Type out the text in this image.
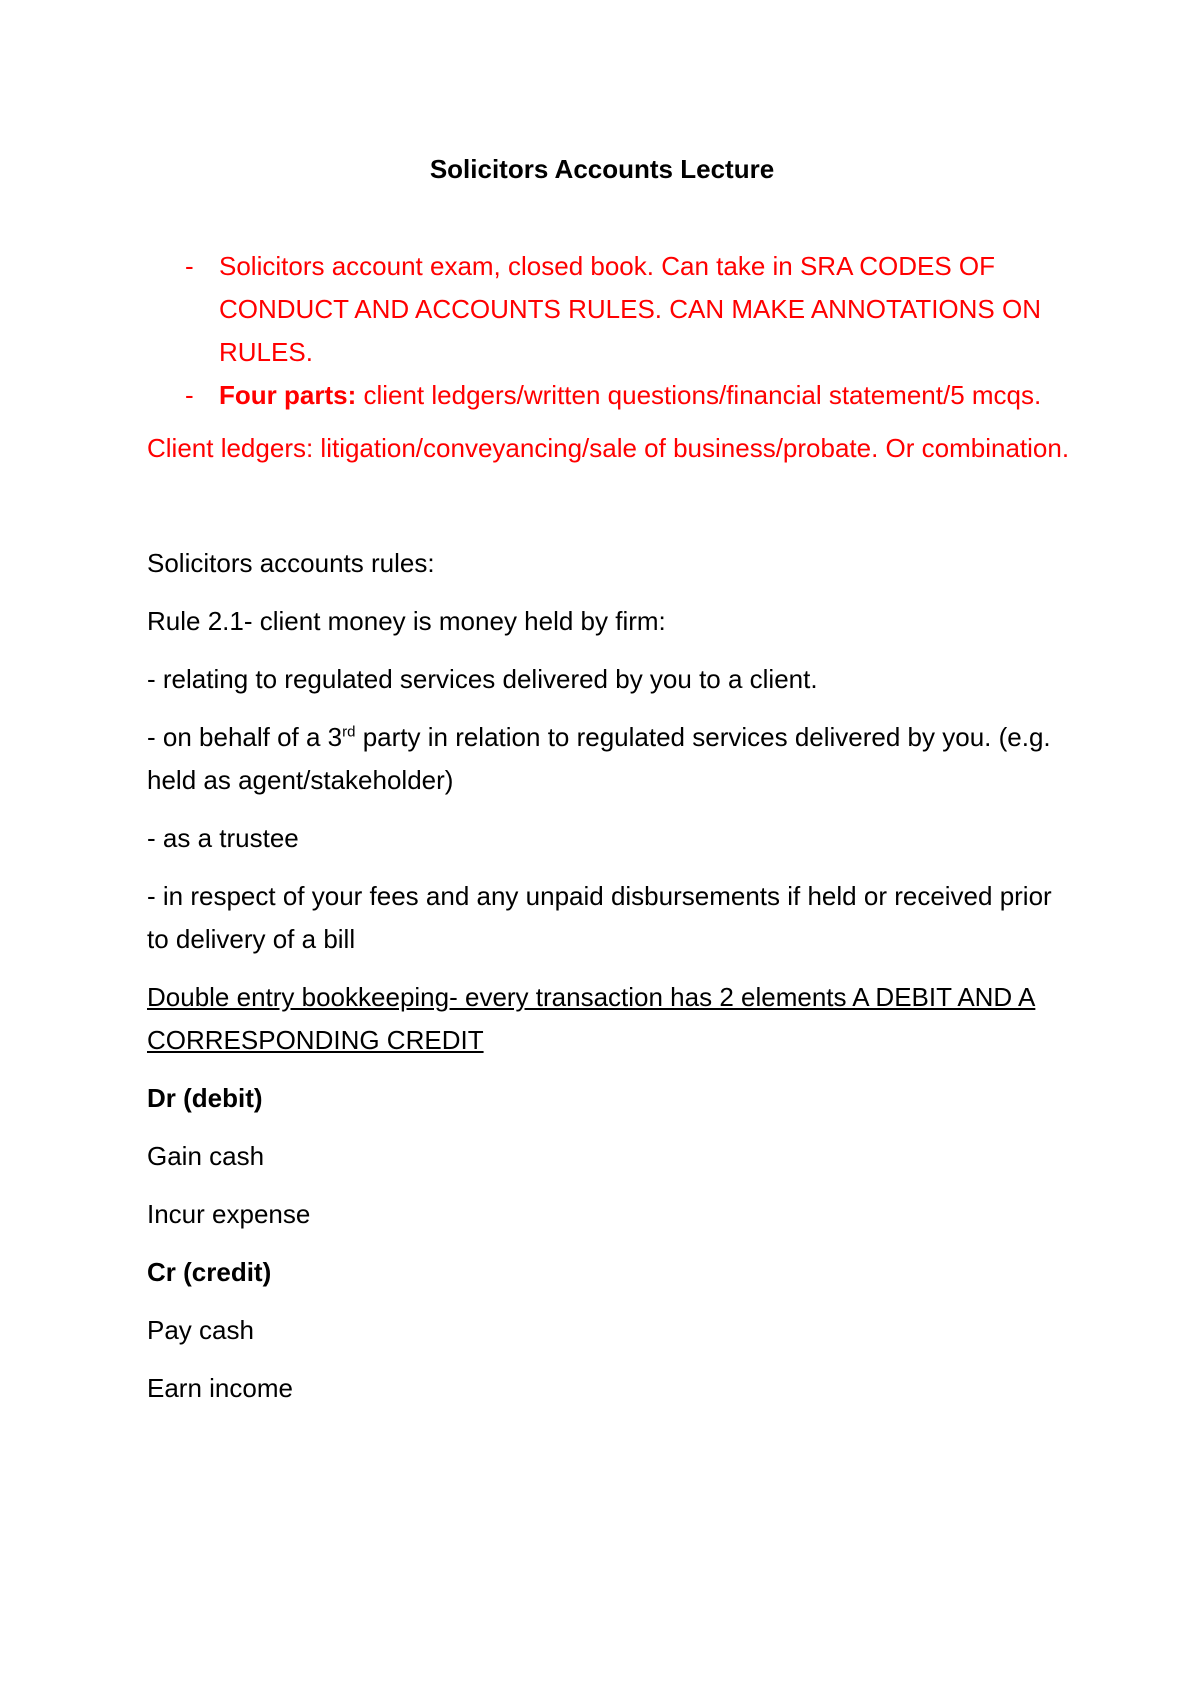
Solicitors Accounts Lecture
- Solicitors account exam, closed book. Can take in SRA CODES OF CONDUCT AND ACCOUNTS RULES. CAN MAKE ANNOTATIONS ON RULES.
- Four parts: client ledgers/written questions/financial statement/5 mcqs.

Client ledgers: litigation/conveyancing/sale of business/probate. Or combination.

Solicitors accounts rules:

Rule 2.1- client money is money held by firm:

- relating to regulated services delivered by you to a client.

- on behalf of a 3rd party in relation to regulated services delivered by you. (e.g. held as agent/stakeholder)

- as a trustee

- in respect of your fees and any unpaid disbursements if held or received prior to delivery of a bill

Double entry bookkeeping- every transaction has 2 elements A DEBIT AND A CORRESPONDING CREDIT

Dr (debit)

Gain cash

Incur expense

Cr (credit)

Pay cash

Earn income
